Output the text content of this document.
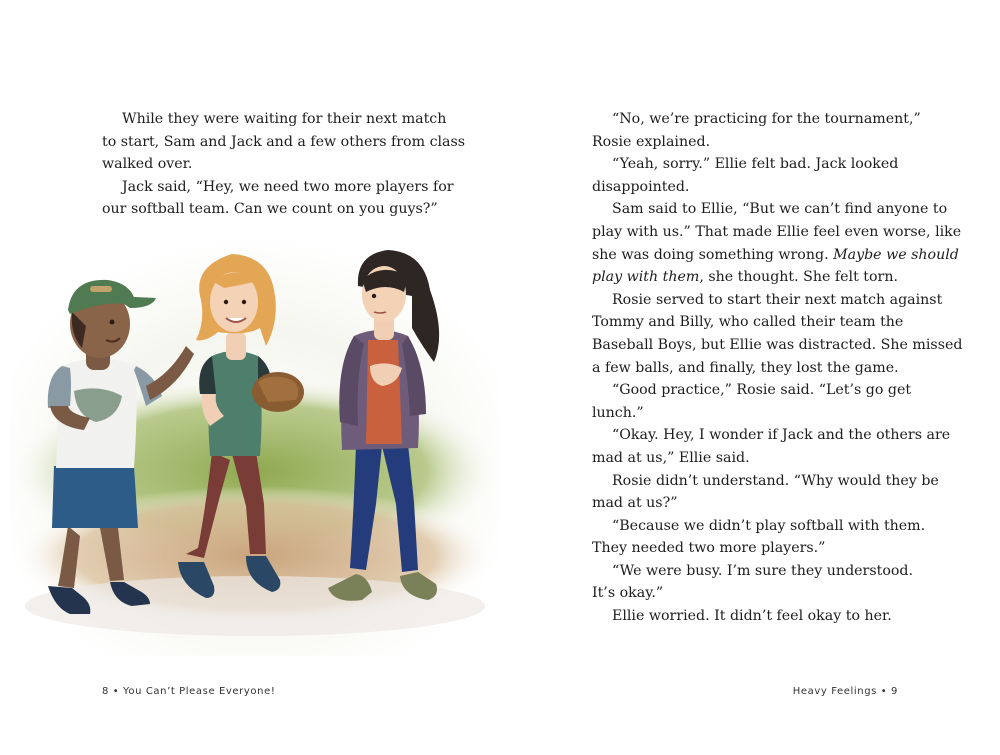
While they were waiting for their next match
to start, Sam and Jack and a few others from class
walked over.
Jack said, “Hey, we need two more players for
our softball team. Can we count on you guys?”
8 • You Can’t Please Everyone!
“No, we’re practicing for the tournament,”
Rosie explained.
“Yeah, sorry.” Ellie felt bad. Jack looked
disappointed.
Sam said to Ellie, “But we can’t find anyone to
play with us.” That made Ellie feel even worse, like
she was doing something wrong. Maybe we should
play with them, she thought. She felt torn.
Rosie served to start their next match against
Tommy and Billy, who called their team the
Baseball Boys, but Ellie was distracted. She missed
a few balls, and finally, they lost the game.
“Good practice,” Rosie said. “Let’s go get
lunch.”
“Okay. Hey, I wonder if Jack and the others are
mad at us,” Ellie said.
Rosie didn’t understand. “Why would they be
mad at us?”
“Because we didn’t play softball with them.
They needed two more players.”
“We were busy. I’m sure they understood.
It’s okay.”
Ellie worried. It didn’t feel okay to her.
Heavy Feelings • 9
